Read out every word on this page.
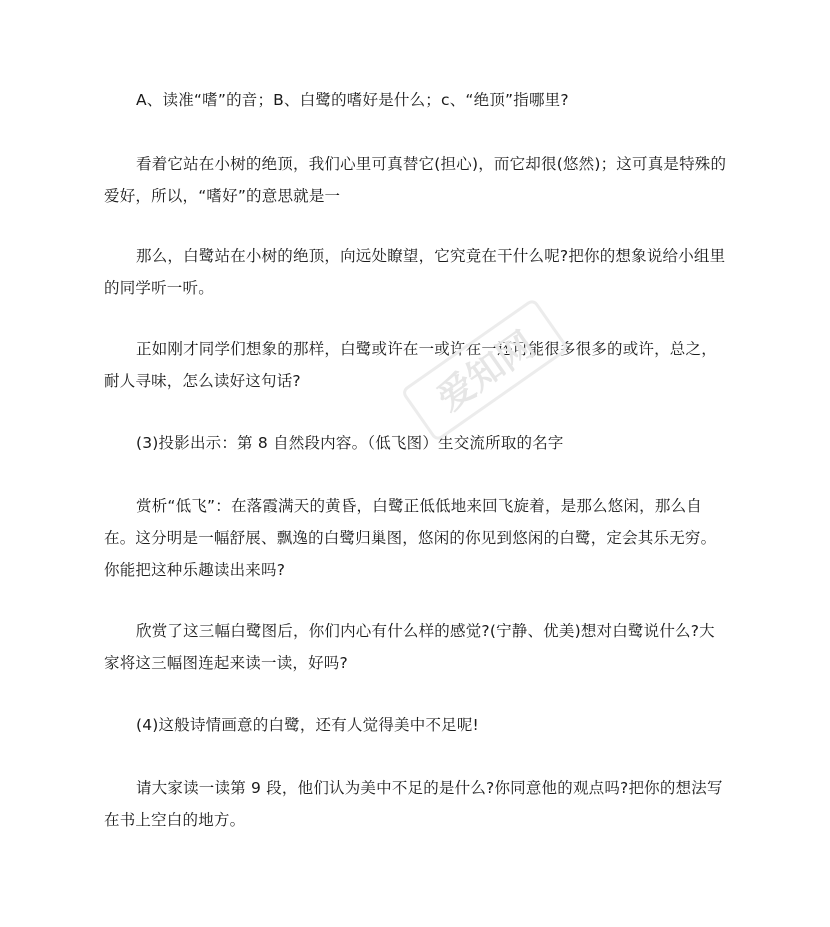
A、读准“嗜”的音；B、白鹭的嗜好是什么；c、“绝顶”指哪里?

看着它站在小树的绝顶，我们心里可真替它(担心)，而它却很(悠然)；这可真是特殊的爱好，所以，“嗜好”的意思就是一

那么，白鹭站在小树的绝顶，向远处瞭望，它究竟在干什么呢?把你的想象说给小组里的同学听一听。

正如刚才同学们想象的那样，白鹭或许在一或许在一还可能很多很多的或许，总之，耐人寻味，怎么读好这句话?

(3)投影出示：第 8 自然段内容。（低飞图）生交流所取的名字

赏析“低飞”：在落霞满天的黄昏，白鹭正低低地来回飞旋着，是那么悠闲，那么自在。这分明是一幅舒展、飘逸的白鹭归巢图，悠闲的你见到悠闲的白鹭，定会其乐无穷。你能把这种乐趣读出来吗?

欣赏了这三幅白鹭图后，你们内心有什么样的感觉?(宁静、优美)想对白鹭说什么?大家将这三幅图连起来读一读，好吗?

(4)这般诗情画意的白鹭，还有人觉得美中不足呢!

请大家读一读第 9 段，他们认为美中不足的是什么?你同意他的观点吗?把你的想法写在书上空白的地方。

爱知网
